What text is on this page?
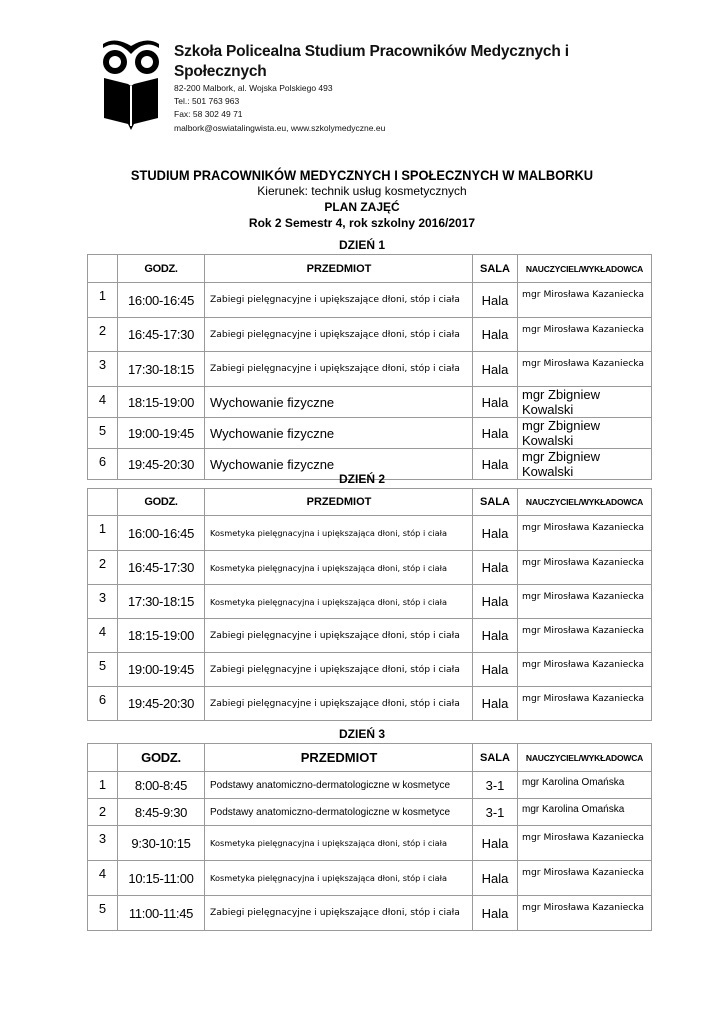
Szkoła Policealna Studium Pracowników Medycznych i Społecznych
82-200 Malbork, al. Wojska Polskiego 493
Tel.: 501 763 963
Fax: 58 302 49 71
malbork@oswiatalingwista.eu, www.szkolymedyczne.eu
STUDIUM PRACOWNIKÓW MEDYCZNYCH I SPOŁECZNYCH W MALBORKU
Kierunek: technik usług kosmetycznych
PLAN ZAJĘĆ
Rok 2 Semestr 4, rok szkolny 2016/2017
DZIEŃ 1
	GODZ.	PRZEDMIOT	SALA	NAUCZYCIEL/WYKŁADOWCA
1	16:00-16:45	Zabiegi pielęgnacyjne i upiększające dłoni, stóp i ciała	Hala	mgr Mirosława Kazaniecka
2	16:45-17:30	Zabiegi pielęgnacyjne i upiększające dłoni, stóp i ciała	Hala	mgr Mirosława Kazaniecka
3	17:30-18:15	Zabiegi pielęgnacyjne i upiększające dłoni, stóp i ciała	Hala	mgr Mirosława Kazaniecka
4	18:15-19:00	Wychowanie fizyczne	Hala	mgr Zbigniew Kowalski
5	19:00-19:45	Wychowanie fizyczne	Hala	mgr Zbigniew Kowalski
6	19:45-20:30	Wychowanie fizyczne	Hala	mgr Zbigniew Kowalski
DZIEŃ 2
	GODZ.	PRZEDMIOT	SALA	NAUCZYCIEL/WYKŁADOWCA
1	16:00-16:45	Kosmetyka pielęgnacyjna i upiększająca dłoni, stóp i ciała	Hala	mgr Mirosława Kazaniecka
2	16:45-17:30	Kosmetyka pielęgnacyjna i upiększająca dłoni, stóp i ciała	Hala	mgr Mirosława Kazaniecka
3	17:30-18:15	Kosmetyka pielęgnacyjna i upiększająca dłoni, stóp i ciała	Hala	mgr Mirosława Kazaniecka
4	18:15-19:00	Zabiegi pielęgnacyjne i upiększające dłoni, stóp i ciała	Hala	mgr Mirosława Kazaniecka
5	19:00-19:45	Zabiegi pielęgnacyjne i upiększające dłoni, stóp i ciała	Hala	mgr Mirosława Kazaniecka
6	19:45-20:30	Zabiegi pielęgnacyjne i upiększające dłoni, stóp i ciała	Hala	mgr Mirosława Kazaniecka
DZIEŃ 3
	GODZ.	PRZEDMIOT	SALA	NAUCZYCIEL/WYKŁADOWCA
1	8:00-8:45	Podstawy anatomiczno-dermatologiczne w kosmetyce	3-1	mgr Karolina Omańska
2	8:45-9:30	Podstawy anatomiczno-dermatologiczne w kosmetyce	3-1	mgr Karolina Omańska
3	9:30-10:15	Kosmetyka pielęgnacyjna i upiększająca dłoni, stóp i ciała	Hala	mgr Mirosława Kazaniecka
4	10:15-11:00	Kosmetyka pielęgnacyjna i upiększająca dłoni, stóp i ciała	Hala	mgr Mirosława Kazaniecka
5	11:00-11:45	Zabiegi pielęgnacyjne i upiększające dłoni, stóp i ciała	Hala	mgr Mirosława Kazaniecka
